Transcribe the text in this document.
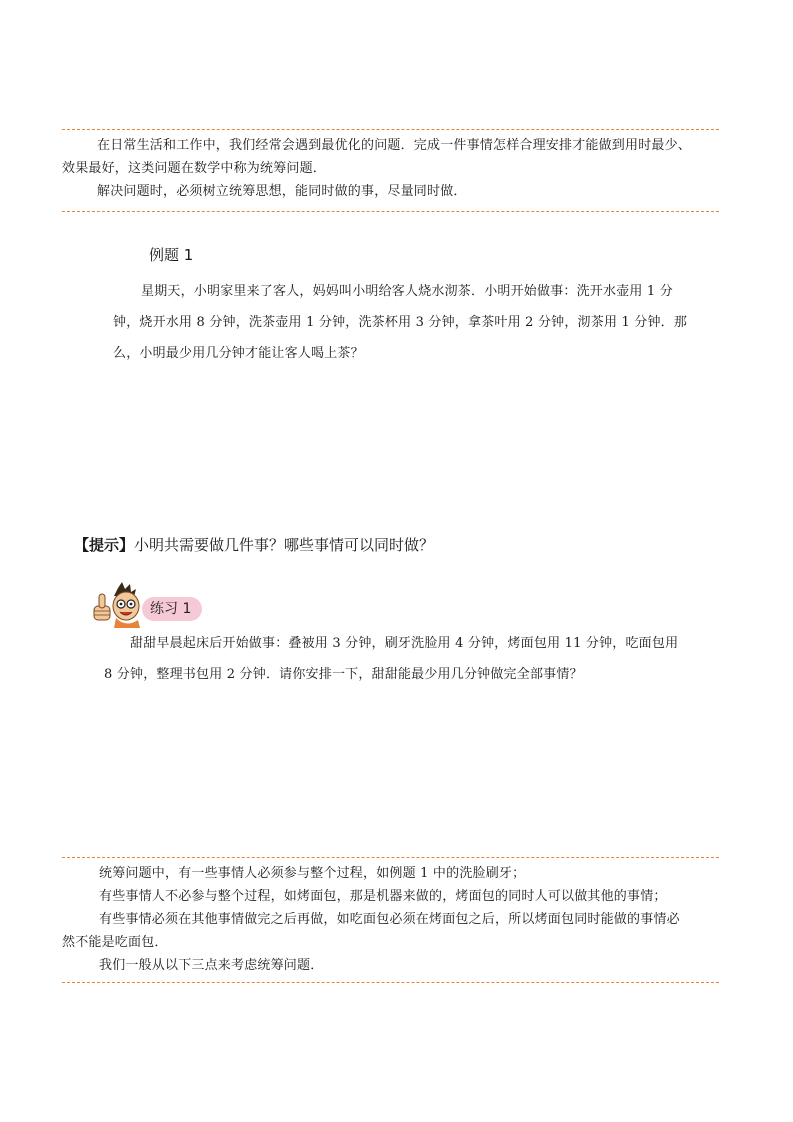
在日常生活和工作中，我们经常会遇到最优化的问题．完成一件事情怎样合理安排才能做到用时最少、
效果最好，这类问题在数学中称为统筹问题．
解决问题时，必须树立统筹思想，能同时做的事，尽量同时做．
例题 1
星期天，小明家里来了客人，妈妈叫小明给客人烧水沏茶．小明开始做事：洗开水壶用 1 分
钟，烧开水用 8 分钟，洗茶壶用 1 分钟，洗茶杯用 3 分钟，拿茶叶用 2 分钟，沏茶用 1 分钟．那
么，小明最少用几分钟才能让客人喝上茶？
【提示】小明共需要做几件事？哪些事情可以同时做？
练习 1
甜甜早晨起床后开始做事：叠被用 3 分钟，刷牙洗脸用 4 分钟，烤面包用 11 分钟，吃面包用
8 分钟，整理书包用 2 分钟．请你安排一下，甜甜能最少用几分钟做完全部事情？
统筹问题中，有一些事情人必须参与整个过程，如例题 1 中的洗脸刷牙；
有些事情人不必参与整个过程，如烤面包，那是机器来做的，烤面包的同时人可以做其他的事情；
有些事情必须在其他事情做完之后再做，如吃面包必须在烤面包之后，所以烤面包同时能做的事情必
然不能是吃面包．
我们一般从以下三点来考虑统筹问题．
